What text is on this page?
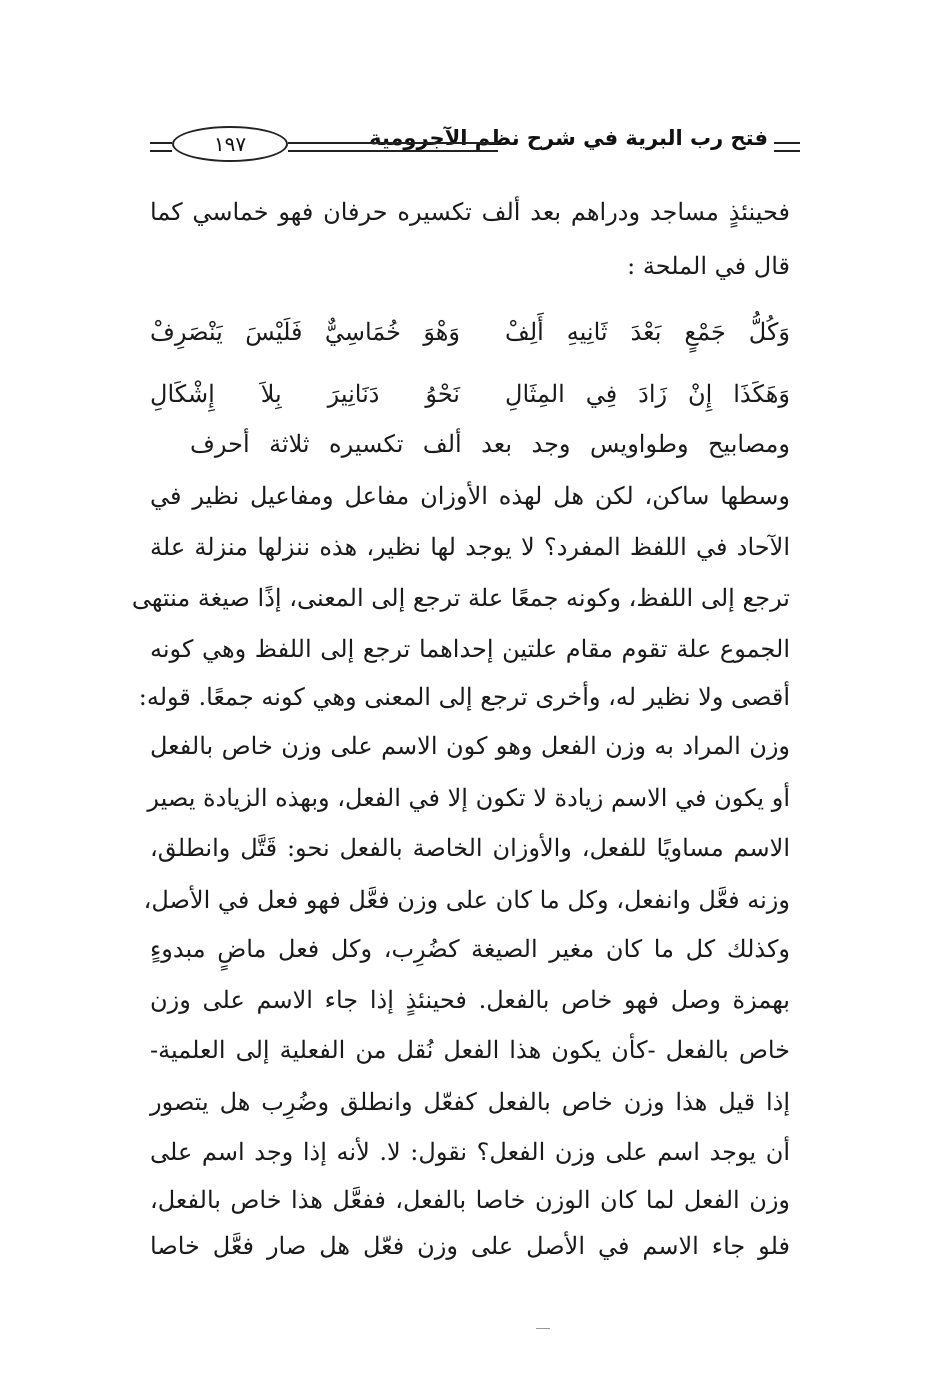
فتح رب البرية في شرح نظم الآجرومية
١٩٧
فحينئذٍ مساجد ودراهم بعد ألف تكسيره حرفان فهو خماسي كما
قال في الملحة :
وَكُلُّ جَمْعٍ بَعْدَ ثَانِيهِ أَلِفْ
وَهْوَ خُمَاسِيٌّ فَلَيْسَ يَنْصَرِفْ
وَهَكَذَا إِنْ زَادَ فِي المِثَالِ
نَحْوُ دَنَانِيرَ بِلاَ إِشْكَالِ
ومصابيح وطواويس وجد بعد ألف تكسيره ثلاثة أحرف
وسطها ساكن، لكن هل لهذه الأوزان مفاعل ومفاعيل نظير في
الآحاد في اللفظ المفرد؟ لا يوجد لها نظير، هذه ننزلها منزلة علة
ترجع إلى اللفظ، وكونه جمعًا علة ترجع إلى المعنى، إذًا صيغة منتهى
الجموع علة تقوم مقام علتين إحداهما ترجع إلى اللفظ وهي كونه
أقصى ولا نظير له، وأخرى ترجع إلى المعنى وهي كونه جمعًا. قوله:
وزن المراد به وزن الفعل وهو كون الاسم على وزن خاص بالفعل
أو يكون في الاسم زيادة لا تكون إلا في الفعل، وبهذه الزيادة يصير
الاسم مساويًا للفعل، والأوزان الخاصة بالفعل نحو: قَتَّل وانطلق،
وزنه فعَّل وانفعل، وكل ما كان على وزن فعَّل فهو فعل في الأصل،
وكذلك كل ما كان مغير الصيغة كضُرِب، وكل فعل ماضٍ مبدوءٍ
بهمزة وصل فهو خاص بالفعل. فحينئذٍ إذا جاء الاسم على وزن
خاص بالفعل -كأن يكون هذا الفعل نُقل من الفعلية إلى العلمية-
إذا قيل هذا وزن خاص بالفعل كفعّل وانطلق وضُرِب هل يتصور
أن يوجد اسم على وزن الفعل؟ نقول: لا. لأنه إذا وجد اسم على
وزن الفعل لما كان الوزن خاصا بالفعل، ففعَّل هذا خاص بالفعل،
فلو جاء الاسم في الأصل على وزن فعّل هل صار فعَّل خاصا
